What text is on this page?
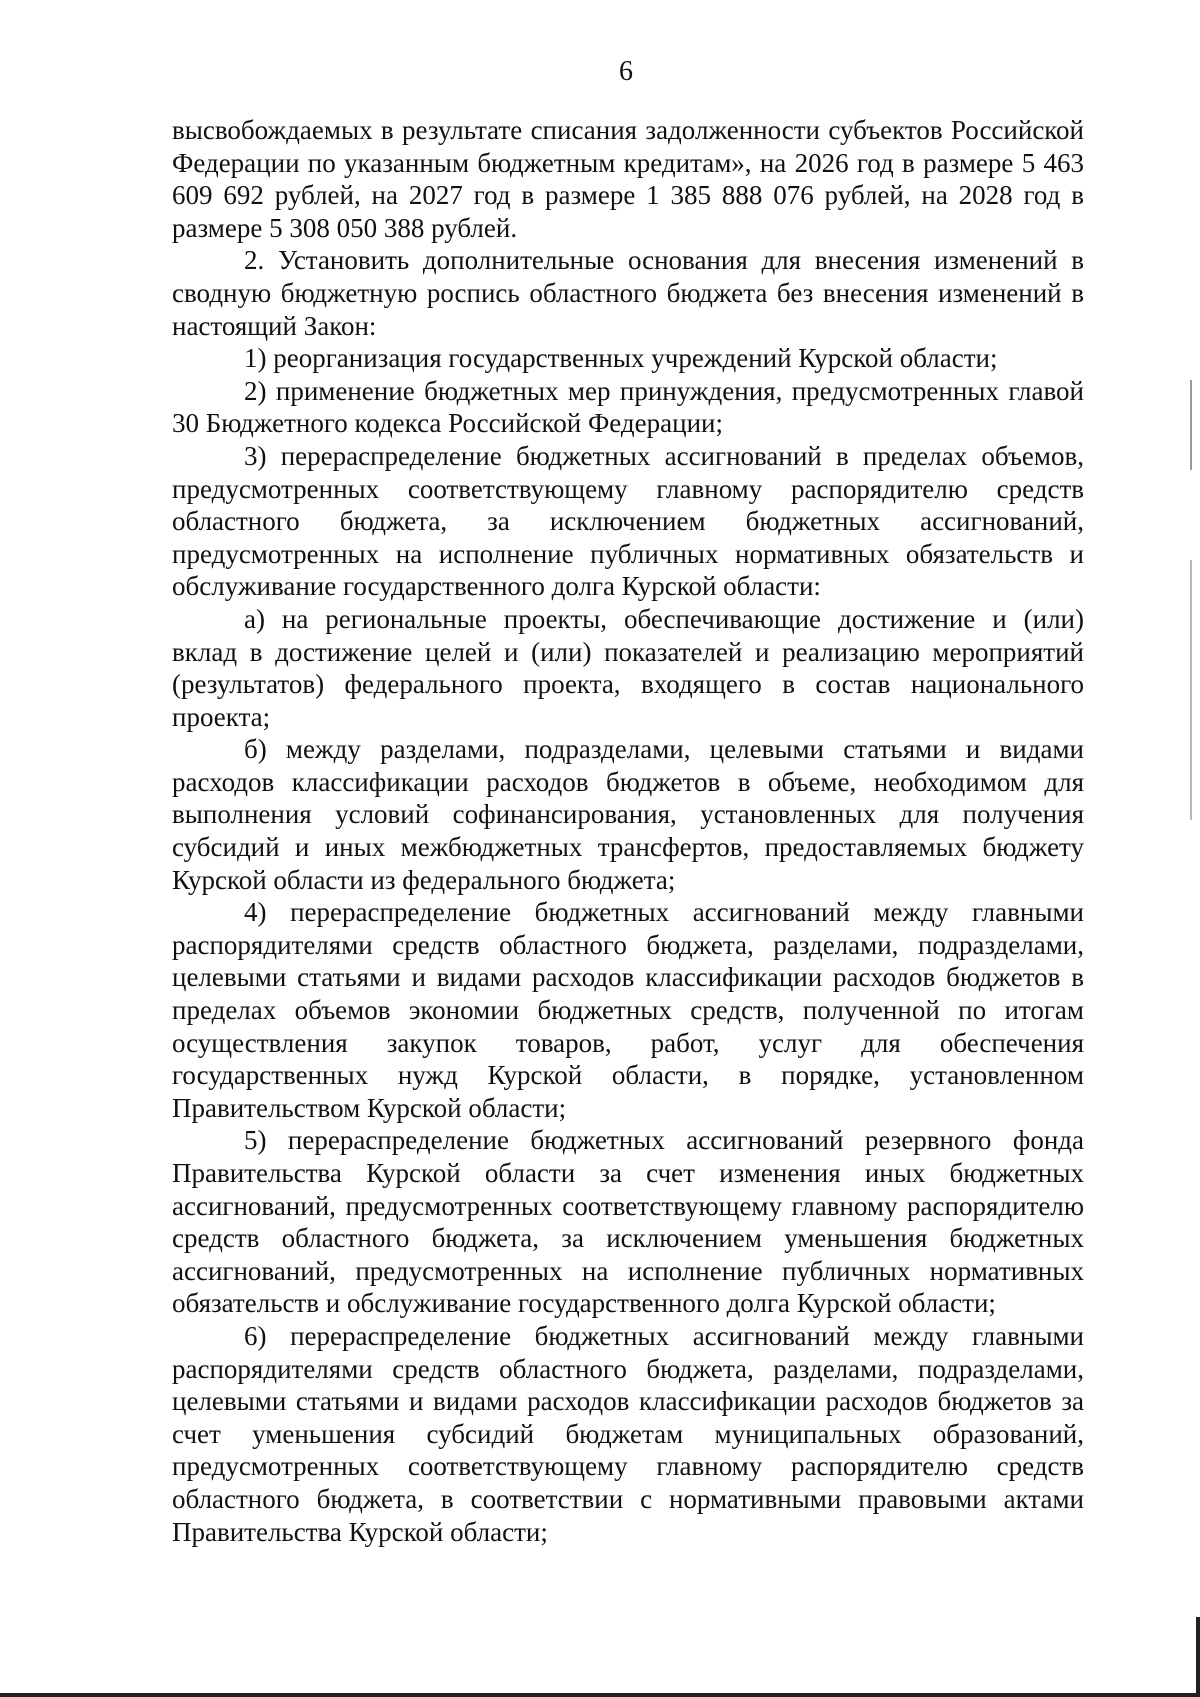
6

высвобождаемых в результате списания задолженности субъектов Российской Федерации по указанным бюджетным кредитам», на 2026 год в размере 5 463 609 692 рублей, на 2027 год в размере 1 385 888 076 рублей, на 2028 год в размере 5 308 050 388 рублей.

2. Установить дополнительные основания для внесения изменений в сводную бюджетную роспись областного бюджета без внесения изменений в настоящий Закон:

1) реорганизация государственных учреждений Курской области;

2) применение бюджетных мер принуждения, предусмотренных главой 30 Бюджетного кодекса Российской Федерации;

3) перераспределение бюджетных ассигнований в пределах объемов, предусмотренных соответствующему главному распорядителю средств областного бюджета, за исключением бюджетных ассигнований, предусмотренных на исполнение публичных нормативных обязательств и обслуживание государственного долга Курской области:

а) на региональные проекты, обеспечивающие достижение и (или) вклад в достижение целей и (или) показателей и реализацию мероприятий (результатов) федерального проекта, входящего в состав национального проекта;

б) между разделами, подразделами, целевыми статьями и видами расходов классификации расходов бюджетов в объеме, необходимом для выполнения условий софинансирования, установленных для получения субсидий и иных межбюджетных трансфертов, предоставляемых бюджету Курской области из федерального бюджета;

4) перераспределение бюджетных ассигнований между главными распорядителями средств областного бюджета, разделами, подразделами, целевыми статьями и видами расходов классификации расходов бюджетов в пределах объемов экономии бюджетных средств, полученной по итогам осуществления закупок товаров, работ, услуг для обеспечения государственных нужд Курской области, в порядке, установленном Правительством Курской области;

5) перераспределение бюджетных ассигнований резервного фонда Правительства Курской области за счет изменения иных бюджетных ассигнований, предусмотренных соответствующему главному распорядителю средств областного бюджета, за исключением уменьшения бюджетных ассигнований, предусмотренных на исполнение публичных нормативных обязательств и обслуживание государственного долга Курской области;

6) перераспределение бюджетных ассигнований между главными распорядителями средств областного бюджета, разделами, подразделами, целевыми статьями и видами расходов классификации расходов бюджетов за счет уменьшения субсидий бюджетам муниципальных образований, предусмотренных соответствующему главному распорядителю средств областного бюджета, в соответствии с нормативными правовыми актами Правительства Курской области;
